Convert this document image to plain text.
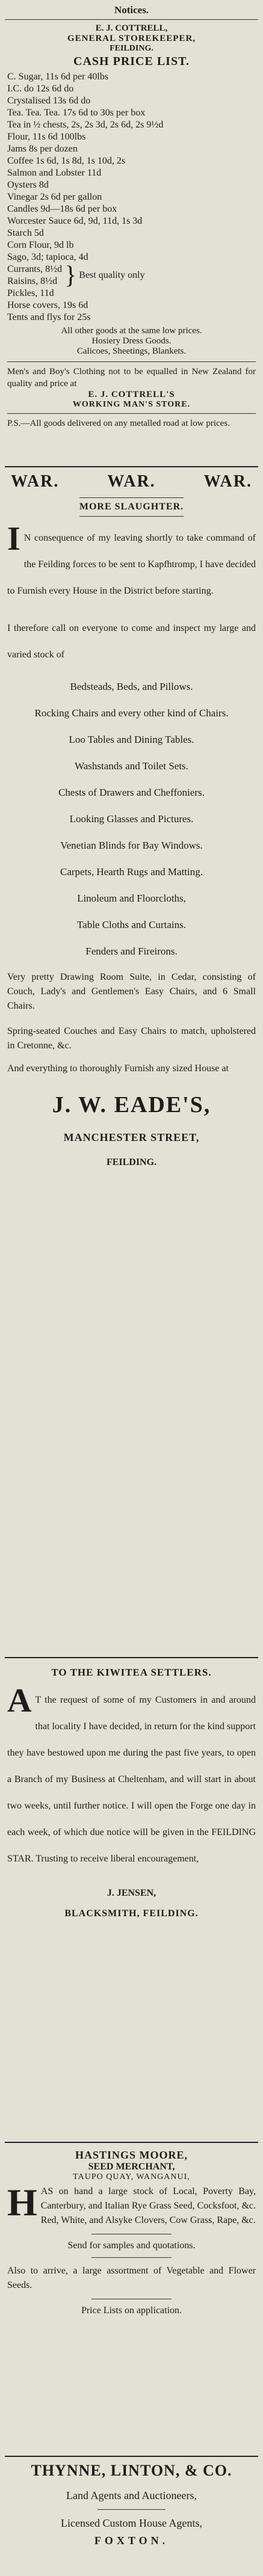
Notices.
E. J. COTTRELL,
GENERAL STOREKEEPER,
FEILDING.
CASH PRICE LIST.
C. Sugar, 11s 6d per 40lbs
I.C. do 12s 6d do
Crystalised 13s 6d do
Tea. Tea. Tea. 17s 6d to 30s per box
Tea in ½ chests, 2s, 2s 3d, 2s 6d, 2s 9½d
Flour, 11s 6d 100lbs
Jams 8s per dozen
Coffee 1s 6d, 1s 8d, 1s 10d, 2s
Salmon and Lobster 11d
Oysters 8d
Vinegar 2s 6d per gallon
Candles 9d—18s 6d per box
Worcester Sauce 6d, 9d, 11d, 1s 3d
Starch 5d
Corn Flour, 9d lb
Sago, 3d; tapioca, 4d
Currants, 8½d
Raisins, 8½d } Best quality only
Pickles, 11d
Horse covers, 19s 6d
Tents and flys for 25s
All other goods at the same low prices.
Hosiery Dress Goods.
Calicoes, Sheetings, Blankets.
Men's and Boy's Clothing not to be equalled in New Zealand for quality and price at
E. J. COTTRELL'S
WORKING MAN'S STORE.
P.S.—All goods delivered on any metalled road at low prices.
WAR.	WAR.	WAR.
MORE SLAUGHTER.
I N consequence of my leaving shortly to take command of the Feilding forces to be sent to Kapfhtromp, I have decided to Furnish every House in the District before starting.
I therefore call on everyone to come and inspect my large and varied stock of
Bedsteads, Beds, and Pillows.
Rocking Chairs and every other kind of Chairs.
Loo Tables and Dining Tables.
Washstands and Toilet Sets.
Chests of Drawers and Cheffoniers.
Looking Glasses and Pictures.
Venetian Blinds for Bay Windows.
Carpets, Hearth Rugs and Matting.
Linoleum and Floorcloths,
Table Cloths and Curtains.
Fenders and Fireirons.
Very pretty Drawing Room Suite, in Cedar, consisting of Couch, Lady's and Gentlemen's Easy Chairs, and 6 Small Chairs.
Spring-seated Couches and Easy Chairs to match, upholstered in Cretonne, &c.
And everything to thoroughly Furnish any sized House at
J. W. EADE'S,
MANCHESTER STREET,
FEILDING.
TO THE KIWITEA SETTLERS.
A T the request of some of my Customers in and around that locality I have decided, in return for the kind support they have bestowed upon me during the past five years, to open a Branch of my Business at Cheltenham, and will start in about two weeks, until further notice. I will open the Forge one day in each week, of which due notice will be given in the FEILDING STAR. Trusting to receive liberal encouragement,
J. JENSEN,
BLACKSMITH, FEILDING.
HASTINGS MOORE,
SEED MERCHANT,
TAUPO QUAY, WANGANUI,
HAS on hand a large stock of Local, Poverty Bay, Canterbury, and Italian Rye Grass Seed, Cocksfoot, &c. Red, White, and Alsyke Clovers, Cow Grass, Rape, &c.
Send for samples and quotations.
Also to arrive, a large assortment of Vegetable and Flower Seeds.
Price Lists on application.
THYNNE, LINTON, & CO.
Land Agents and Auctioneers,
Licensed Custom House Agents,
FOXTON.
